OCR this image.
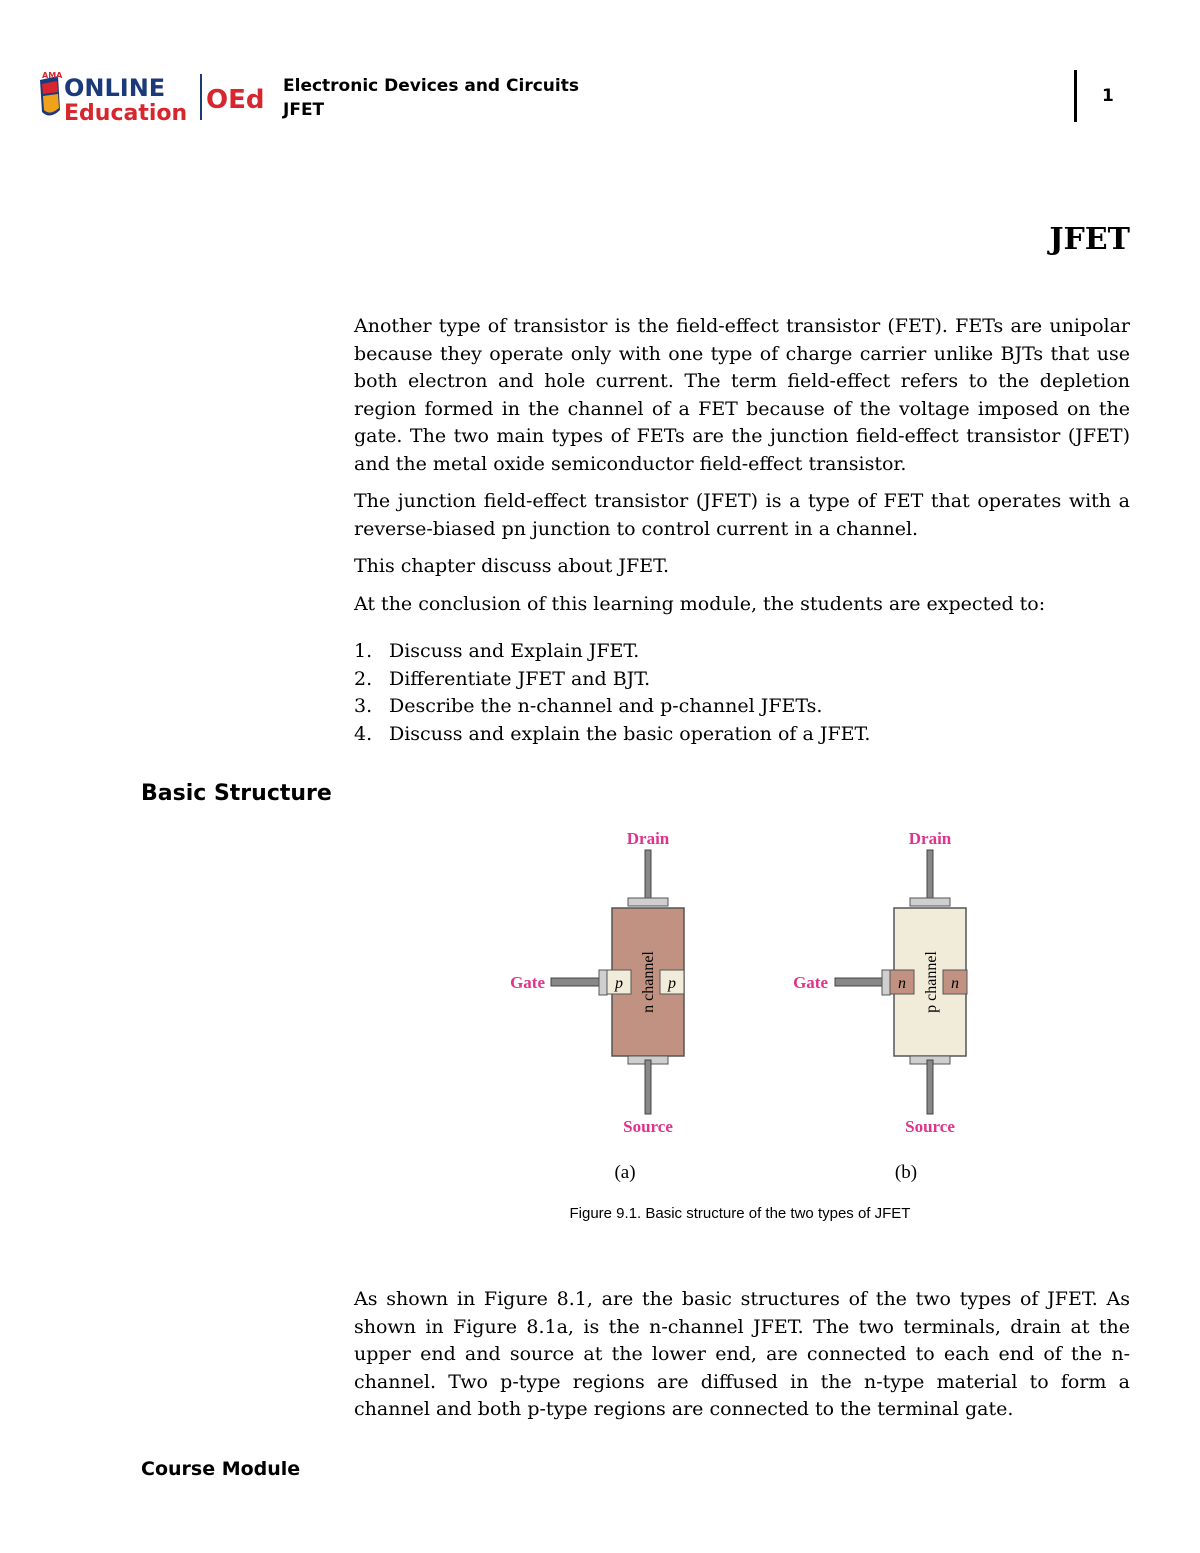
AMA ONLINE
Education OEd Electronic Devices and Circuits
JFET
1
JFET

Another type of transistor is the field-effect transistor (FET). FETs are unipolar because they operate only with one type of charge carrier unlike BJTs that use both electron and hole current. The term field-effect refers to the depletion region formed in the channel of a FET because of the voltage imposed on the gate. The two main types of FETs are the junction field-effect transistor (JFET) and the metal oxide semiconductor field-effect transistor.

The junction field-effect transistor (JFET) is a type of FET that operates with a reverse-biased pn junction to control current in a channel.

This chapter discuss about JFET.

At the conclusion of this learning module, the students are expected to:

1. Discuss and Explain JFET.
2. Differentiate JFET and BJT.
3. Describe the n-channel and p-channel JFETs.
4. Discuss and explain the basic operation of a JFET.
Basic Structure
Drain
Source
Gate	p	p
n channel
(a)
Drain
Source
Gate	n	n
p channel
(b)
Figure 9.1. Basic structure of the two types of JFET

As shown in Figure 8.1, are the basic structures of the two types of JFET. As shown in Figure 8.1a, is the n-channel JFET. The two terminals, drain at the upper end and source at the lower end, are connected to each end of the n-channel. Two p-type regions are diffused in the n-type material to form a channel and both p-type regions are connected to the terminal gate.

Course Module
